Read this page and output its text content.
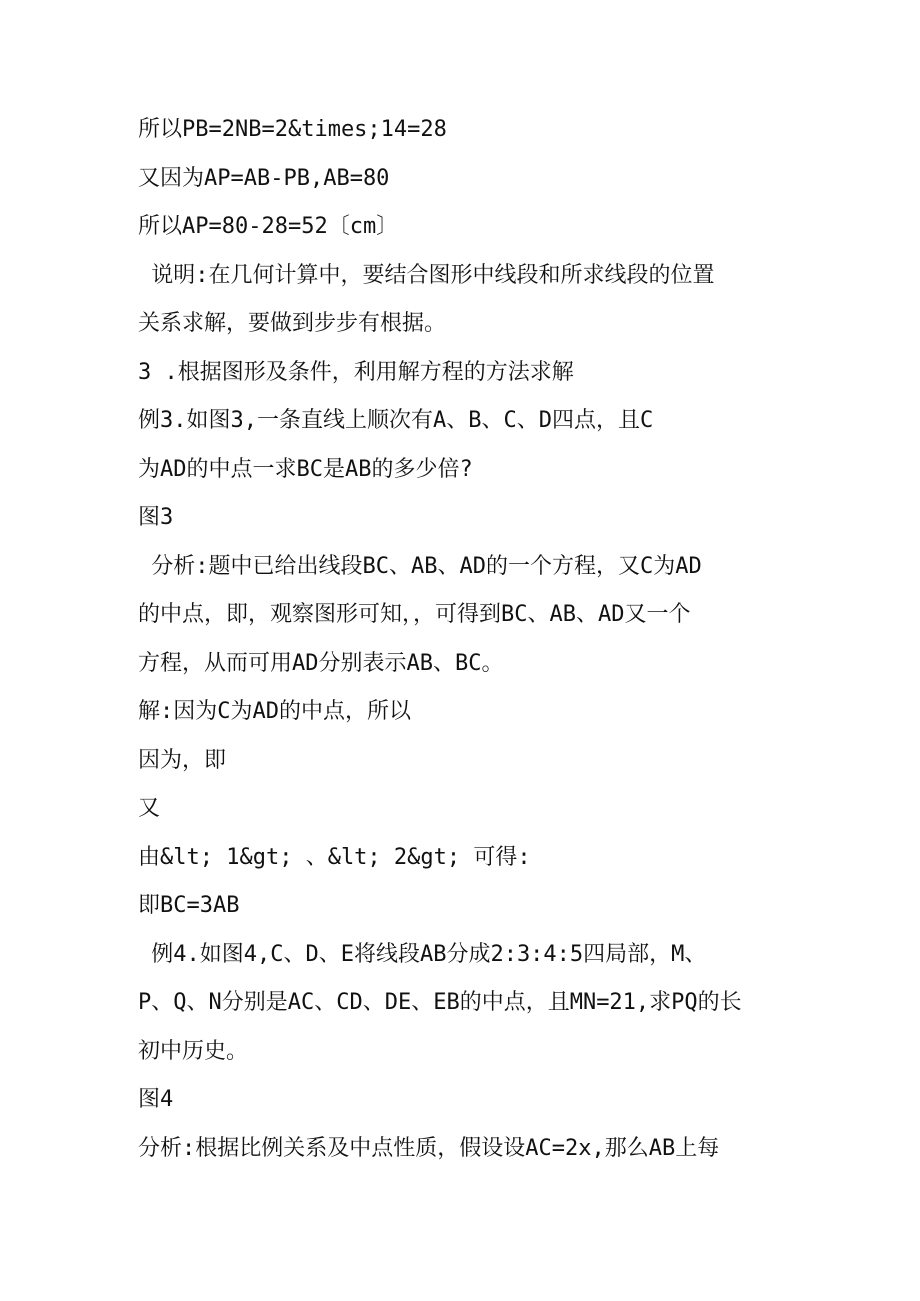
所以PB=2NB=2&times;14=28
又因为AP=AB-PB,AB=80
所以AP=80-28=52〔cm〕
说明:在几何计算中，要结合图形中线段和所求线段的位置
关系求解，要做到步步有根据。
3 .根据图形及条件，利用解方程的方法求解
例3.如图3,一条直线上顺次有A、B、C、D四点，且C
为AD的中点一求BC是AB的多少倍?
图3
分析:题中已给出线段BC、AB、AD的一个方程，又C为AD
的中点，即，观察图形可知，，可得到BC、AB、AD又一个
方程，从而可用AD分别表示AB、BC。
解:因为C为AD的中点，所以
因为，即
又
由&lt; 1&gt; 、&lt; 2&gt; 可得:
即BC=3AB
例4.如图4,C、D、E将线段AB分成2:3:4:5四局部，M、
P、Q、N分别是AC、CD、DE、EB的中点，且MN=21,求PQ的长
初中历史。
图4
分析:根据比例关系及中点性质，假设设AC=2x,那么AB上每
